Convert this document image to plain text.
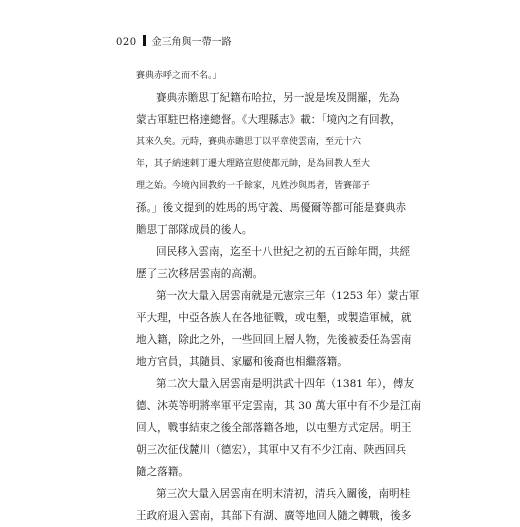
020 金三角與一帶一路
賽典赤呼之而不名。」
賽典赤贍思丁紀籍布哈拉，另一說是埃及開羅，先為
蒙古軍駐巴格達總督。《大理縣志》載：「境內之有回教，
其來久矣。元時，賽典赤贍思丁以平章使雲南，至元十六
年，其子納速剌丁遷大理路宣慰使都元帥，是為回教人至大
理之始。今境內回教約一千餘家，凡姓沙與馬者，皆賽部子
孫。」後文提到的姓馬的馬守義、馬優爾等都可能是賽典赤
贍思丁部隊成員的後人。
回民移入雲南，迄至十八世紀之初的五百餘年間，共經
歷了三次移居雲南的高潮。
第一次大量入居雲南就是元憲宗三年（1253 年）蒙古軍
平大理，中亞各族人在各地征戰，或屯墾，或製造軍械，就
地入籍，除此之外，一些回回上層人物，先後被委任為雲南
地方官員，其隨員、家屬和後裔也相繼落籍。
第二次大量入居雲南是明洪武十四年（1381 年），傅友
德、沐英等明將率軍平定雲南，其 30 萬大軍中有不少是江南
回人，戰事結束之後全部落籍各地，以屯墾方式定居。明王
朝三次征伐麓川（德宏），其軍中又有不少江南、陝西回兵
隨之落籍。
第三次大量入居雲南在明末清初，清兵入關後，南明桂
王政府退入雲南，其部下有湖、廣等地回人隨之轉戰，後多
